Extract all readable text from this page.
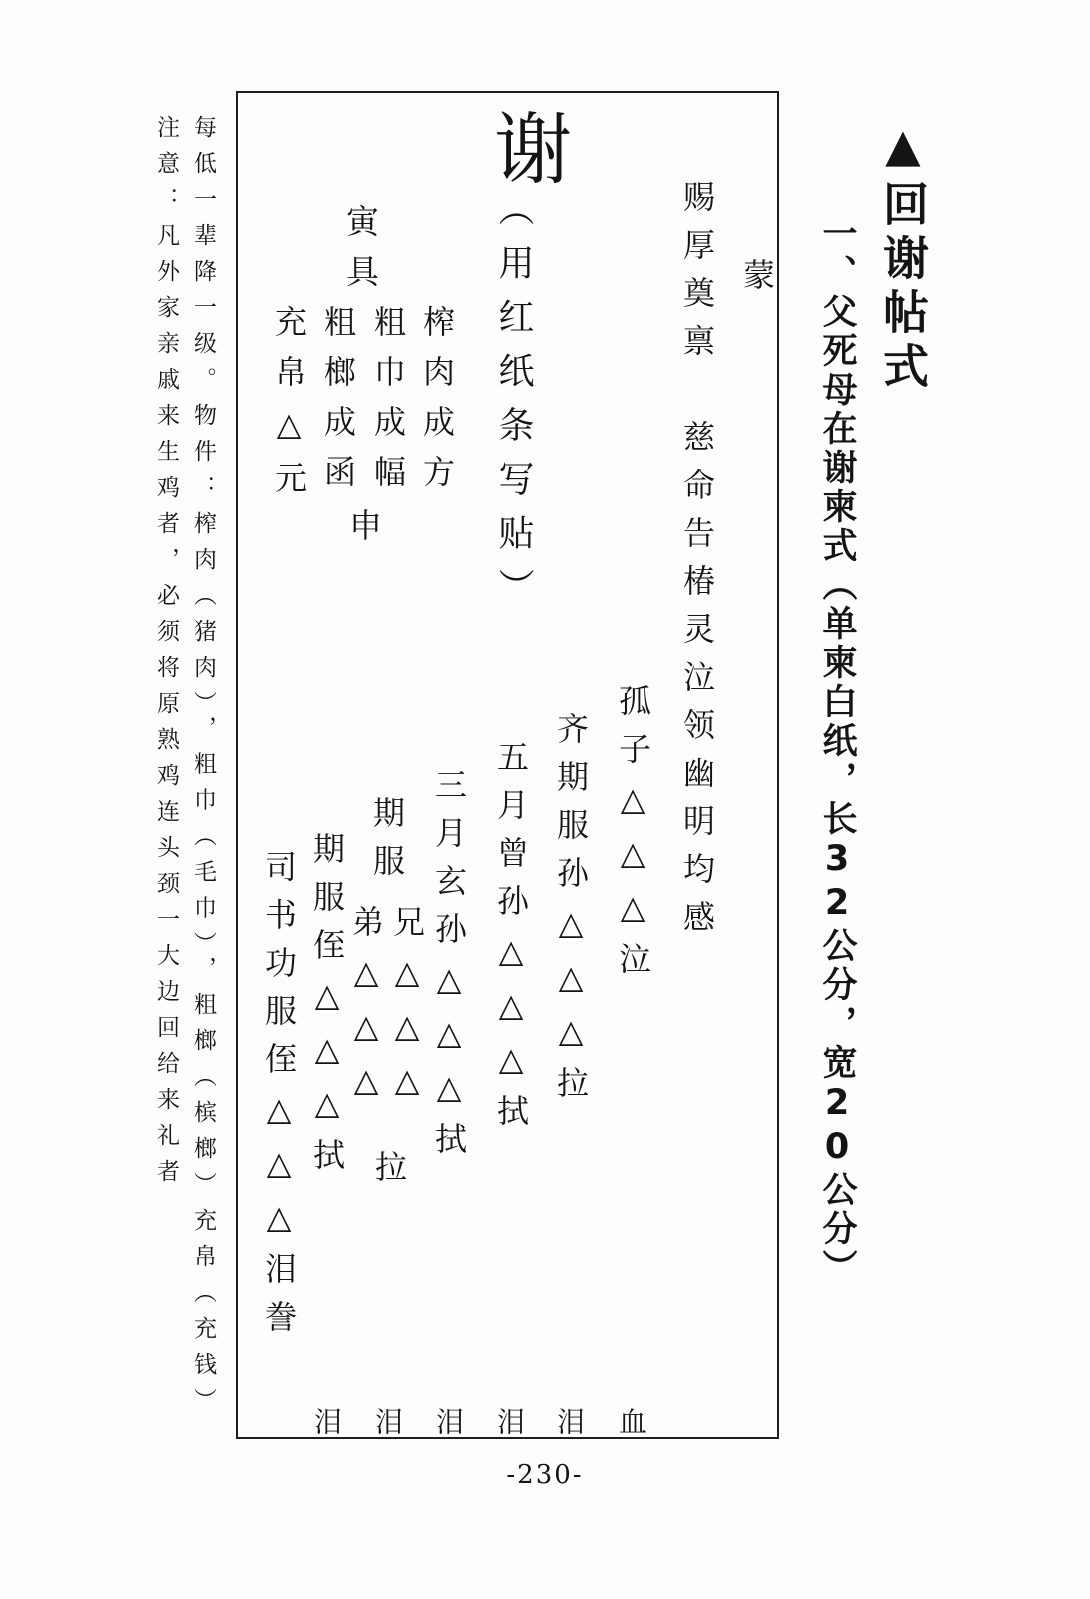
▲回谢帖式
一、父死母在谢柬式（单柬白纸，长32公分，宽20公分）
谢
（用红纸条写贴）	蒙
赐厚奠禀　慈命告椿灵泣领幽明均感
寅具
榨肉成方
粗巾成幅
粗榔成函
申
充帛△元
孤子△△△泣
血
齐期服孙△△△拉
泪
五月曾孙△△△拭
泪
三月玄孙△△△拭
泪
期服
兄△△△
弟△△△
拉
泪
期服侄△△△拭
泪
司书功服侄△△△泪誊
每低一辈降一级。物件：榨肉（猪肉），粗巾（毛巾），粗榔（槟榔）充帛（充钱）
注意：凡外家亲戚来生鸡者，必须将原熟鸡连头颈一大边回给来礼者
-230-
